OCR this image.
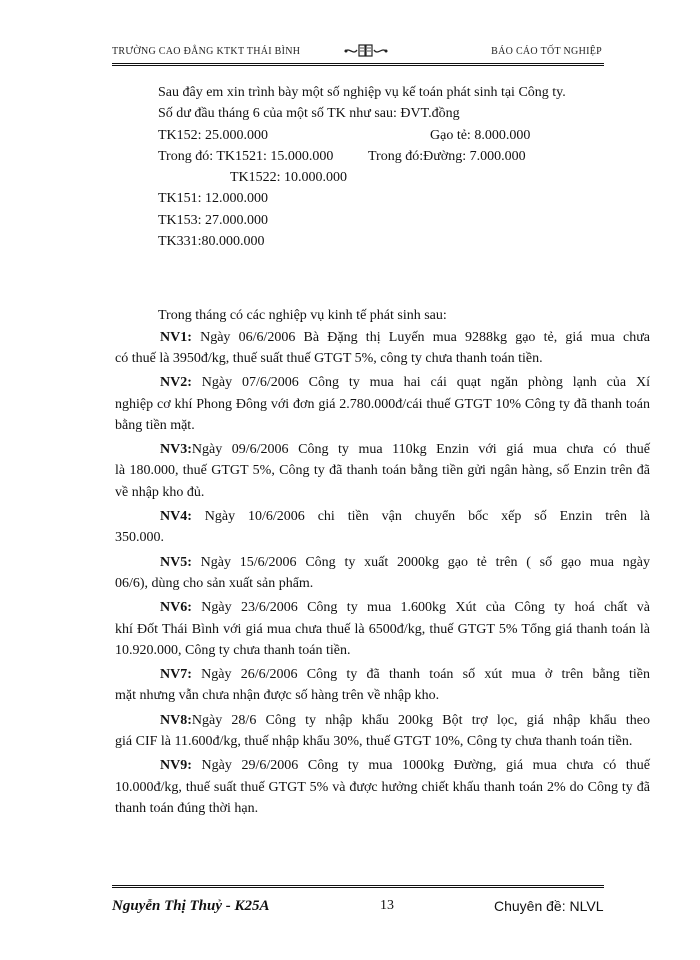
TRƯỜNG CAO ĐẲNG KTKT THÁI BÌNH	BÁO CÁO TỐT NGHIỆP
Sau đây em xin trình bày một số nghiệp vụ kế toán phát sinh tại Công ty.
Số dư đầu tháng 6 của một số TK như sau: ĐVT.đồng
TK152: 25.000.000	Gạo tẻ: 8.000.000
Trong đó: TK1521: 15.000.000 Trong đó:Đường: 7.000.000
TK1522: 10.000.000
TK151: 12.000.000
TK153: 27.000.000
TK331:80.000.000
Trong tháng có các nghiệp vụ kinh tế phát sinh sau:
NV1: Ngày 06/6/2006 Bà Đặng thị Luyến mua 9288kg gạo tẻ, giá mua chưa
có thuế là 3950đ/kg, thuế suất thuế GTGT 5%, công ty chưa thanh toán tiền.
NV2: Ngày 07/6/2006 Công ty mua hai cái quạt ngăn phòng lạnh của Xí
nghiệp cơ khí Phong Đông với đơn giá 2.780.000đ/cái thuế GTGT 10% Công ty đã thanh toán bằng tiền mặt.
NV3:Ngày 09/6/2006 Công ty mua 110kg Enzin với giá mua chưa có thuế
là 180.000, thuế GTGT 5%, Công ty đã thanh toán bằng tiền gửi ngân hàng, số Enzin trên đã về nhập kho đủ.
NV4: Ngày 10/6/2006 chi tiền vận chuyển bốc xếp số Enzin trên là
350.000.
NV5: Ngày 15/6/2006 Công ty xuất 2000kg gạo tẻ trên ( số gạo mua ngày
06/6), dùng cho sản xuất sản phẩm.
NV6: Ngày 23/6/2006 Công ty mua 1.600kg Xút của Công ty hoá chất và
khí Đốt Thái Bình với giá mua chưa thuế là 6500đ/kg, thuế GTGT 5% Tổng giá thanh toán là 10.920.000, Công ty chưa thanh toán tiền.
NV7: Ngày 26/6/2006 Công ty đã thanh toán số xút mua ở trên bằng tiền
mặt nhưng vẫn chưa nhận được số hàng trên về nhập kho.
NV8:Ngày 28/6 Công ty nhập khẩu 200kg Bột trợ lọc, giá nhập khẩu theo
giá CIF là 11.600đ/kg, thuế nhập khẩu 30%, thuế GTGT 10%, Công ty chưa thanh toán tiền.
NV9: Ngày 29/6/2006 Công ty mua 1000kg Đường, giá mua chưa có thuế
10.000đ/kg, thuế suất thuế GTGT 5% và được hưởng chiết khấu thanh toán 2% do Công ty đã thanh toán đúng thời hạn.
Nguyễn Thị Thuỷ - K25A	13	Chuyên đề: NLVL
